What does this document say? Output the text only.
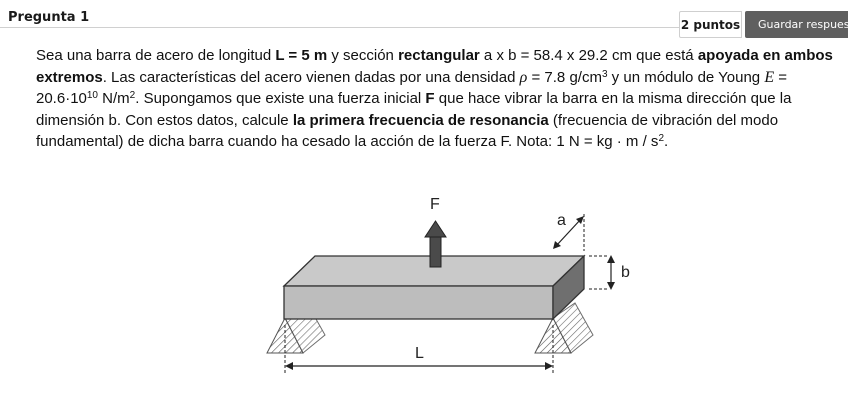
Pregunta 1	2 puntos	Guardar respuesta
Sea una barra de acero de longitud L = 5 m y sección rectangular a x b = 58.4 x 29.2 cm que está apoyada en ambos extremos. Las características del acero vienen dadas por una densidad ρ = 7.8 $g/cm^3$ y un módulo de Young $E = 20.6\cdot 10^{10}$ $N/m^2$. Supongamos que existe una fuerza inicial F que hace vibrar la barra en la misma dirección que la dimensión b. Con estos datos, calcule la primera frecuencia de resonancia (frecuencia de vibración del modo fundamental) de dicha barra cuando ha cesado la acción de la fuerza F. Nota: 1 N = kg · m / $s^2$.
F
a
b
L
